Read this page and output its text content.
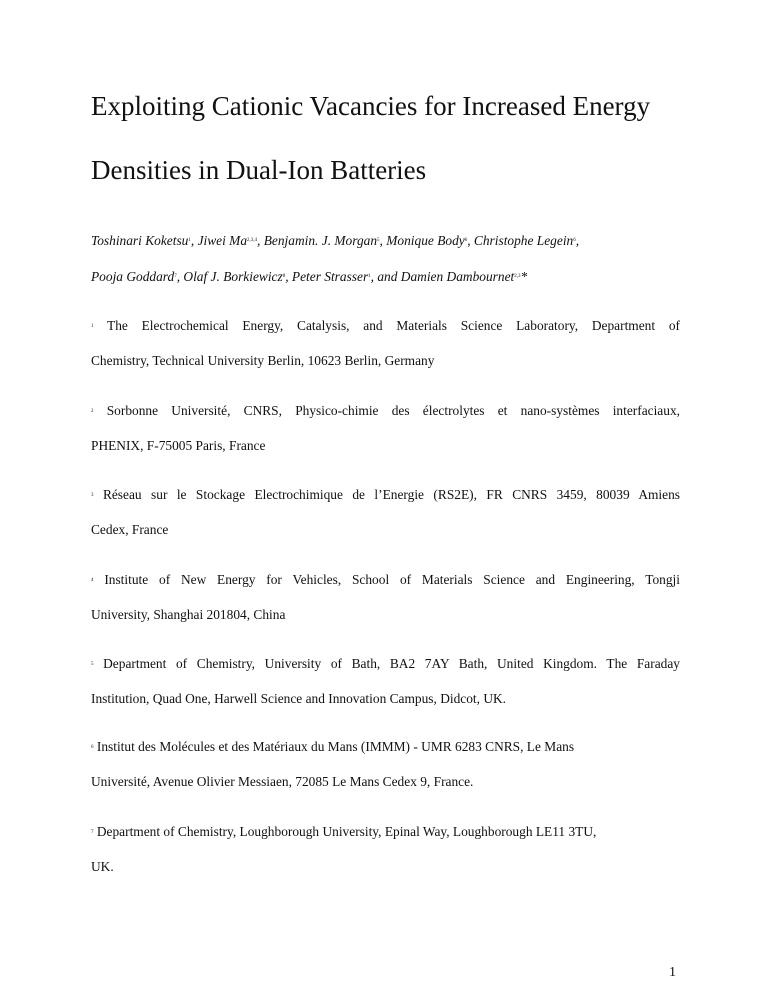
Exploiting Cationic Vacancies for Increased Energy
Densities in Dual-Ion Batteries
Toshinari Koketsu$^1$, Jiwei Ma$^{2,3,4}$, Benjamin. J. Morgan$^5$, Monique Body$^6$, Christophe Legein$^6$,
Pooja Goddard$^7$, Olaf J. Borkiewicz$^8$, Peter Strasser$^1$, and Damien Dambournet$^{2,3}$*
$^1$ The Electrochemical Energy, Catalysis, and Materials Science Laboratory, Department of
Chemistry, Technical University Berlin, 10623 Berlin, Germany
$^2$ Sorbonne Université, CNRS, Physico-chimie des électrolytes et nano-systèmes interfaciaux,
PHENIX, F-75005 Paris, France
$^3$ Réseau sur le Stockage Electrochimique de l’Energie (RS2E), FR CNRS 3459, 80039 Amiens
Cedex, France
$^4$ Institute of New Energy for Vehicles, School of Materials Science and Engineering, Tongji
University, Shanghai 201804, China
$^5$ Department of Chemistry, University of Bath, BA2 7AY Bath, United Kingdom. The Faraday
Institution, Quad One, Harwell Science and Innovation Campus, Didcot, UK.
$^6$ Institut des Molécules et des Matériaux du Mans (IMMM) - UMR 6283 CNRS, Le Mans
Université, Avenue Olivier Messiaen, 72085 Le Mans Cedex 9, France.
$^7$ Department of Chemistry, Loughborough University, Epinal Way, Loughborough LE11 3TU,
UK.
1
